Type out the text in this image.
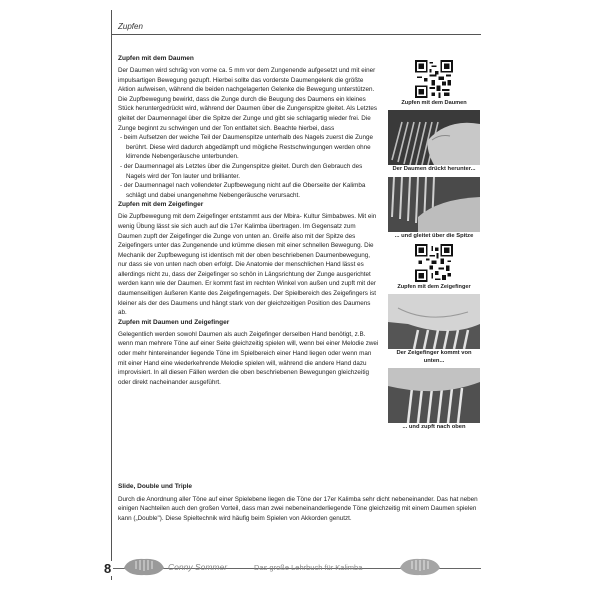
Zupfen
Zupfen mit dem Daumen

Der Daumen wird schräg von vorne ca. 5 mm vor dem Zungenende aufgesetzt und mit einer impulsartigen Bewegung gezupft. Hierbei sollte das vorderste Daumengelenk die größte Aktion aufweisen, während die beiden nachgelagerten Gelenke die Bewegung unterstützen. Die Zupfbewegung bewirkt, dass die Zunge durch die Beugung des Daumens ein kleines Stück heruntergedrückt wird, während der Daumen über die Zungenspitze gleitet. Als Letztes gleitet der Daumennagel über die Spitze der Zunge und gibt sie schlagartig wieder frei. Die Zunge beginnt zu schwingen und der Ton entfaltet sich. Beachte hierbei, dass

- beim Aufsetzen der weiche Teil der Daumenspitze unterhalb des Nagels zuerst die Zunge berührt. Diese wird dadurch abgedämpft und mögliche Restschwingungen werden ohne klirrende Nebengeräusche unterbunden.
- der Daumennagel als Letztes über die Zungenspitze gleitet. Durch den Gebrauch des Nagels wird der Ton lauter und brillianter.
- der Daumennagel nach vollendeter Zupfbewegung nicht auf die Oberseite der Kalimba schlägt und dabei unangenehme Nebengeräusche verursacht.
Zupfen mit dem Zeigefinger

Die Zupfbewegung mit dem Zeigefinger entstammt aus der Mbira- Kultur Simbabwes. Mit ein wenig Übung lässt sie sich auch auf die 17er Kalimba übertragen. Im Gegensatz zum Daumen zupft der Zeigefinger die Zunge von unten an. Greife also mit der Spitze des Zeigefingers unter das Zungenende und krümme diesen mit einer schnellen Bewegung. Die Mechanik der Zupfbewegung ist identisch mit der oben beschriebenen Daumenbewegung, nur dass sie von unten nach oben erfolgt. Die Anatomie der menschlichen Hand lässt es allerdings nicht zu, dass der Zeigefinger so schön in Längsrichtung der Zunge ausgerichtet werden kann wie der Daumen. Er kommt fast im rechten Winkel von außen und zupft mit der daumenseitigen äußeren Kante des Zeigefingernagels. Der Spielbereich des Zeigefingers ist kleiner als der des Daumens und hängt stark von der gleichzeitigen Position des Daumens ab.

Zupfen mit Daumen und Zeigefinger

Gelegentlich werden sowohl Daumen als auch Zeigefinger derselben Hand benötigt, z.B. wenn man mehrere Töne auf einer Seite gleichzeitig spielen will, wenn bei einer Melodie zwei oder mehr hintereinander liegende Töne im Spielbereich einer Hand liegen oder wenn man mit einer Hand eine wiederkehrende Melodie spielen will, während die andere Hand dazu improvisiert. In all diesen Fällen werden die oben beschriebenen Bewegungen gleichzeitig oder direkt nacheinander ausgeführt.

Slide, Double und Triple

Durch die Anordnung aller Töne auf einer Spielebene liegen die Töne der 17er Kalimba sehr dicht nebeneinander. Das hat neben einigen Nachteilen auch den großen Vorteil, dass man zwei nebeneinanderliegende Töne gleichzeitig mit einem Daumen spielen kann („Double"). Diese Spieltechnik wird häufig beim Spielen von Akkorden genutzt.

Zupfen mit dem Daumen
Der Daumen drückt herunter...
... und gleitet über die Spitze
Zupfen mit dem Zeigefinger
Der Zeigefinger kommt von unten...
... und zupft nach oben
8	Conny Sommer	Das große Lehrbuch für Kalimba
